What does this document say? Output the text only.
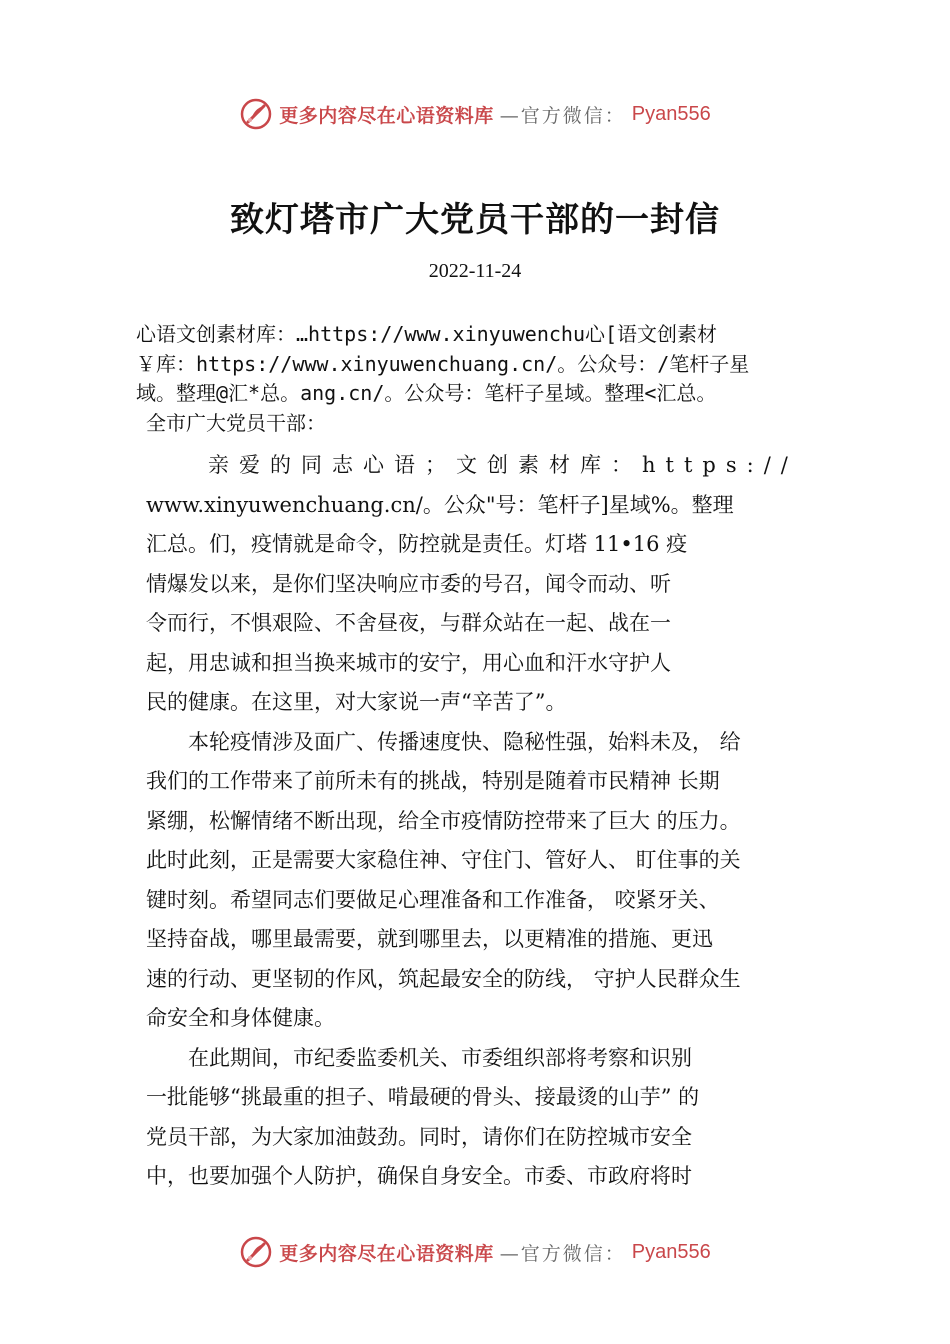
更多内容尽在心语资料库 —官方微信： Pyan556
致灯塔市广大党员干部的一封信
2022-11-24
心语文创素材库：…https://www.xinyuwenchu心[语文创素材
￥库：https://www.xinyuwenchuang.cn/。公众号：/笔杆子星
域。整理@汇*总。ang.cn/。公众号：笔杆子星域。整理<汇总。
全市广大党员干部：
　　亲爱的同志心语；文创素材库：https://
www.xinyuwenchuang.cn/。公众"号：笔杆子]星域%。整理
汇总。们，疫情就是命令，防控就是责任。灯塔 11•16 疫
情爆发以来，是你们坚决响应市委的号召，闻令而动、听
令而行，不惧艰险、不舍昼夜，与群众站在一起、战在一
起，用忠诚和担当换来城市的安宁，用心血和汗水守护人
民的健康。在这里，对大家说一声“辛苦了”。
　　本轮疫情涉及面广、传播速度快、隐秘性强，始料未及， 给
我们的工作带来了前所未有的挑战，特别是随着市民精神 长期
紧绷，松懈情绪不断出现，给全市疫情防控带来了巨大 的压力。
此时此刻，正是需要大家稳住神、守住门、管好人、 盯住事的关
键时刻。希望同志们要做足心理准备和工作准备， 咬紧牙关、
坚持奋战，哪里最需要，就到哪里去，以更精准的措施、更迅
速的行动、更坚韧的作风，筑起最安全的防线， 守护人民群众生
命安全和身体健康。
　　在此期间，市纪委监委机关、市委组织部将考察和识别
一批能够“挑最重的担子、啃最硬的骨头、接最烫的山芋” 的
党员干部，为大家加油鼓劲。同时，请你们在防控城市安全
中，也要加强个人防护，确保自身安全。市委、市政府将时
更多内容尽在心语资料库 —官方微信： Pyan556
